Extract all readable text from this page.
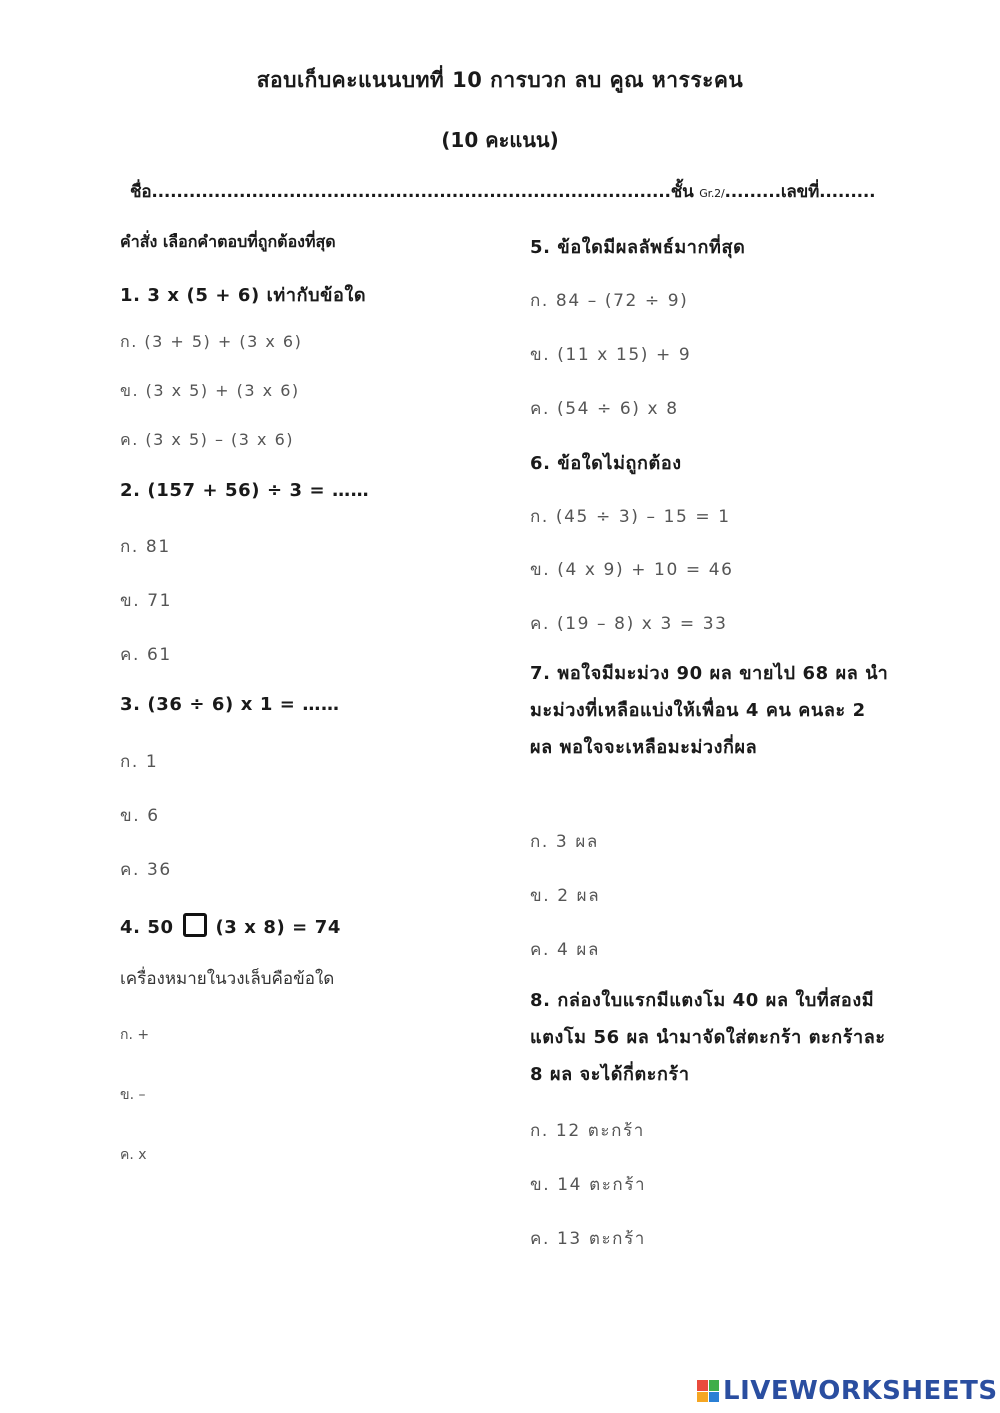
สอบเก็บคะแนนบทที่ 10 การบวก ลบ คูณ หารระคน
(10 คะแนน)
ชื่อ...................................................................................ชั้น Gr.2/.........เลขที่.........
คำสั่ง เลือกคำตอบที่ถูกต้องที่สุด
1. 3 x (5 + 6) เท่ากับข้อใด
ก. (3 + 5) + (3 x 6)
ข. (3 x 5) + (3 x 6)
ค. (3 x 5) – (3 x 6)
2. (157 + 56) ÷ 3 = ……
ก. 81
ข. 71
ค. 61
3. (36 ÷ 6) x 1 = ……
ก. 1
ข. 6
ค. 36
4. 50 (3 x 8) = 74
เครื่องหมายในวงเล็บคือข้อใด
ก. +
ข. –
ค. x
5. ข้อใดมีผลลัพธ์มากที่สุด
ก. 84 – (72 ÷ 9)
ข. (11 x 15) + 9
ค. (54 ÷ 6) x 8
6. ข้อใดไม่ถูกต้อง
ก. (45 ÷ 3) – 15 = 1
ข. (4 x 9) + 10 = 46
ค. (19 – 8) x 3 = 33
7. พอใจมีมะม่วง 90 ผล ขายไป 68 ผล นำมะม่วงที่เหลือแบ่งให้เพื่อน 4 คน คนละ 2 ผล พอใจจะเหลือมะม่วงกี่ผล
ก. 3 ผล
ข. 2 ผล
ค. 4 ผล
8. กล่องใบแรกมีแตงโม 40 ผล ใบที่สองมีแตงโม 56 ผล นำมาจัดใส่ตะกร้า ตะกร้าละ 8 ผล จะได้กี่ตะกร้า
ก. 12 ตะกร้า
ข. 14 ตะกร้า
ค. 13 ตะกร้า
LIVEWORKSHEETS
